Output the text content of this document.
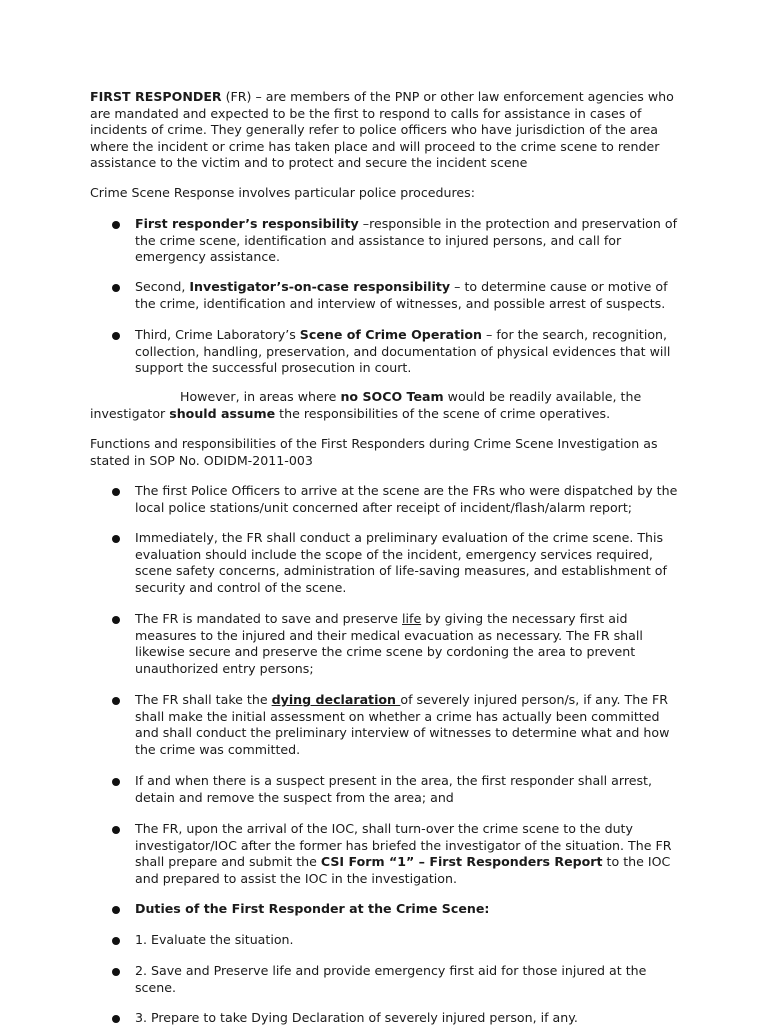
FIRST RESPONDER (FR) – are members of the PNP or other law enforcement agencies who are mandated and expected to be the first to respond to calls for assistance in cases of incidents of crime. They generally refer to police officers who have jurisdiction of the area where the incident or crime has taken place and will proceed to the crime scene to render assistance to the victim and to protect and secure the incident scene

Crime Scene Response involves particular police procedures:

First responder’s responsibility –responsible in the protection and preservation of the crime scene, identification and assistance to injured persons, and call for emergency assistance.

Second, Investigator’s-on-case responsibility – to determine cause or motive of the crime, identification and interview of witnesses, and possible arrest of suspects.

Third, Crime Laboratory’s Scene of Crime Operation – for the search, recognition, collection, handling, preservation, and documentation of physical evidences that will support the successful prosecution in court.

However, in areas where no SOCO Team would be readily available, the investigator should assume the responsibilities of the scene of crime operatives.

Functions and responsibilities of the First Responders during Crime Scene Investigation as stated in SOP No. ODIDM-2011-003

The first Police Officers to arrive at the scene are the FRs who were dispatched by the local police stations/unit concerned after receipt of incident/flash/alarm report;

Immediately, the FR shall conduct a preliminary evaluation of the crime scene. This evaluation should include the scope of the incident, emergency services required, scene safety concerns, administration of life-saving measures, and establishment of security and control of the scene.

The FR is mandated to save and preserve life by giving the necessary first aid measures to the injured and their medical evacuation as necessary. The FR shall likewise secure and preserve the crime scene by cordoning the area to prevent unauthorized entry persons;

The FR shall take the dying declaration of severely injured person/s, if any. The FR shall make the initial assessment on whether a crime has actually been committed and shall conduct the preliminary interview of witnesses to determine what and how the crime was committed.

If and when there is a suspect present in the area, the first responder shall arrest, detain and remove the suspect from the area; and

The FR, upon the arrival of the IOC, shall turn-over the crime scene to the duty investigator/IOC after the former has briefed the investigator of the situation. The FR shall prepare and submit the CSI Form “1” – First Responders Report to the IOC and prepared to assist the IOC in the investigation.

Duties of the First Responder at the Crime Scene:

1. Evaluate the situation.

2. Save and Preserve life and provide emergency first aid for those injured at the scene.

3. Prepare to take Dying Declaration of severely injured person, if any.
